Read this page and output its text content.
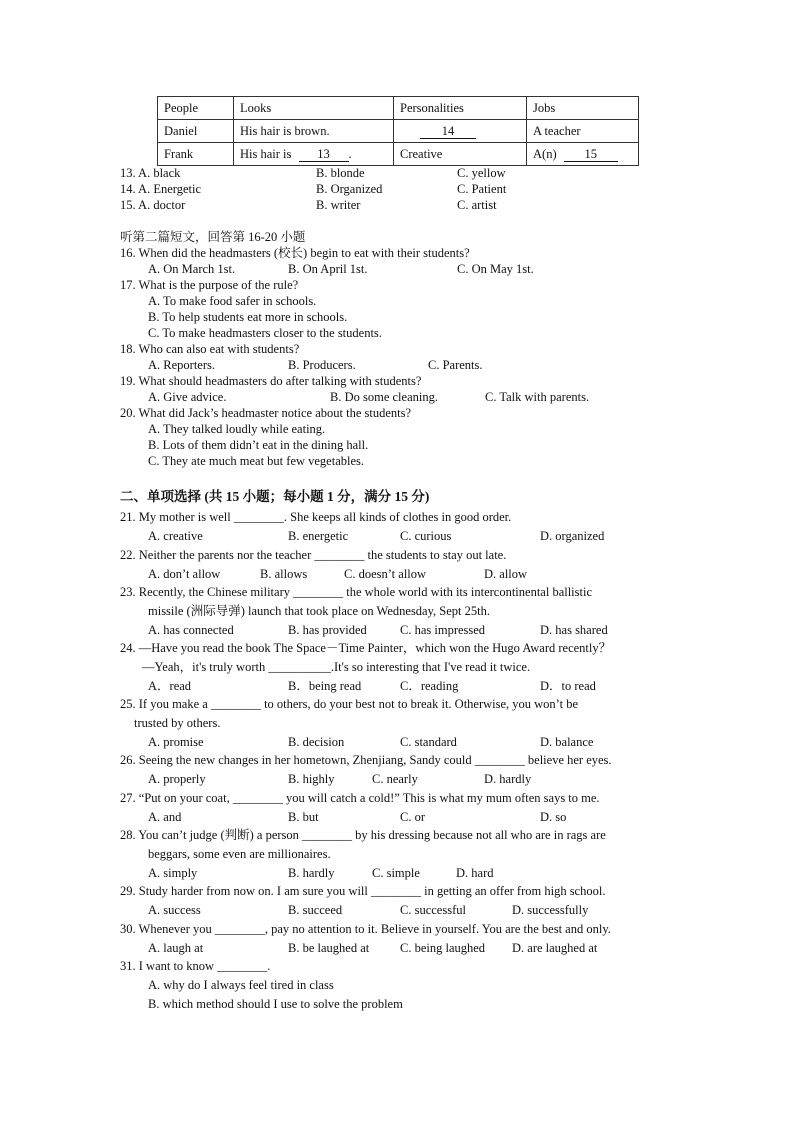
People	Looks	Personalities	Jobs
Daniel	His hair is brown.	14	A teacher
Frank	His hair is 13 .	Creative	A(n) 15
13. A. black	B. blonde	C. yellow
14. A. Energetic	B. Organized	C. Patient
15. A. doctor	B. writer	C. artist
听第二篇短文，回答第 16-20 小题
16. When did the headmasters (校长) begin to eat with their students?
A. On March 1st.	B. On April 1st.	C. On May 1st.
17. What is the purpose of the rule?
A. To make food safer in schools.
B. To help students eat more in schools.
C. To make headmasters closer to the students.
18. Who can also eat with students?
A. Reporters.	B. Producers.	C. Parents.
19. What should headmasters do after talking with students?
A. Give advice.	B. Do some cleaning.	C. Talk with parents.
20. What did Jack’s headmaster notice about the students?
A. They talked loudly while eating.
B. Lots of them didn’t eat in the dining hall.
C. They ate much meat but few vegetables.
二、单项选择 (共 15 小题；每小题 1 分，满分 15 分)
21. My mother is well ________. She keeps all kinds of clothes in good order.
A. creative	B. energetic	C. curious	D. organized
22. Neither the parents nor the teacher ________ the students to stay out late.
A. don’t allow	B. allows	C. doesn’t allow	D. allow
23. Recently, the Chinese military ________ the whole world with its intercontinental ballistic
missile (洲际导弹) launch that took place on Wednesday, Sept 25th.
A. has connected	B. has provided	C. has impressed	D. has shared
24. —Have you read the book The Space－Time Painter，which won the Hugo Award recently？
—Yeah，it's truly worth __________.It's so interesting that I've read it twice.
A．read	B．being read	C．reading	D．to read
25. If you make a ________ to others, do your best not to break it. Otherwise, you won’t be
trusted by others.
A. promise	B. decision	C. standard	D. balance
26. Seeing the new changes in her hometown, Zhenjiang, Sandy could ________ believe her eyes.
A. properly	B. highly	C. nearly	D. hardly
27. “Put on your coat, ________ you will catch a cold!” This is what my mum often says to me.
A. and	B. but	C. or	D. so
28. You can’t judge (判断) a person ________ by his dressing because not all who are in rags are
beggars, some even are millionaires.
A. simply	B. hardly	C. simple	D. hard
29. Study harder from now on. I am sure you will ________ in getting an offer from high school.
A. success	B. succeed	C. successful	D. successfully
30. Whenever you ________, pay no attention to it. Believe in yourself. You are the best and only.
A. laugh at	B. be laughed at C. being laughed D. are laughed at
31. I want to know ________.
A. why do I always feel tired in class
B. which method should I use to solve the problem
